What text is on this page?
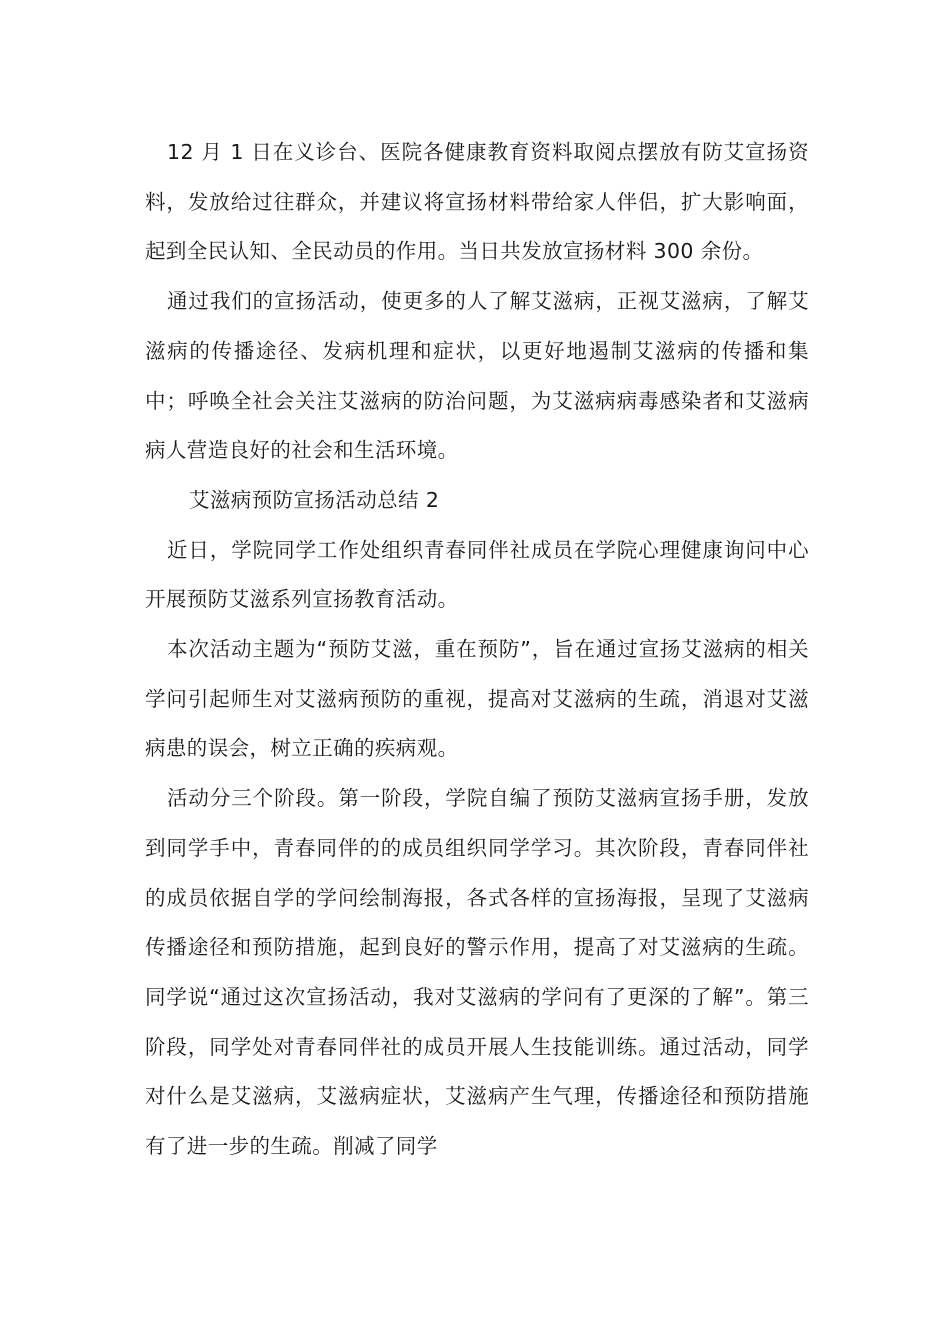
12 月 1 日在义诊台、医院各健康教育资料取阅点摆放有防艾宣扬资料，发放给过往群众，并建议将宣扬材料带给家人伴侣，扩大影响面，起到全民认知、全民动员的作用。当日共发放宣扬材料 300 余份。

通过我们的宣扬活动，使更多的人了解艾滋病，正视艾滋病，了解艾滋病的传播途径、发病机理和症状，以更好地遏制艾滋病的传播和集中；呼唤全社会关注艾滋病的防治问题，为艾滋病病毒感染者和艾滋病病人营造良好的社会和生活环境。

艾滋病预防宣扬活动总结 2

近日，学院同学工作处组织青春同伴社成员在学院心理健康询问中心开展预防艾滋系列宣扬教育活动。

本次活动主题为“预防艾滋，重在预防”，旨在通过宣扬艾滋病的相关学问引起师生对艾滋病预防的重视，提高对艾滋病的生疏，消退对艾滋病患的误会，树立正确的疾病观。

活动分三个阶段。第一阶段，学院自编了预防艾滋病宣扬手册，发放到同学手中，青春同伴的的成员组织同学学习。其次阶段，青春同伴社的成员依据自学的学问绘制海报，各式各样的宣扬海报，呈现了艾滋病传播途径和预防措施，起到良好的警示作用，提高了对艾滋病的生疏。同学说“通过这次宣扬活动，我对艾滋病的学问有了更深的了解”。第三阶段，同学处对青春同伴社的成员开展人生技能训练。通过活动，同学对什么是艾滋病，艾滋病症状，艾滋病产生气理，传播途径和预防措施有了进一步的生疏。削减了同学
